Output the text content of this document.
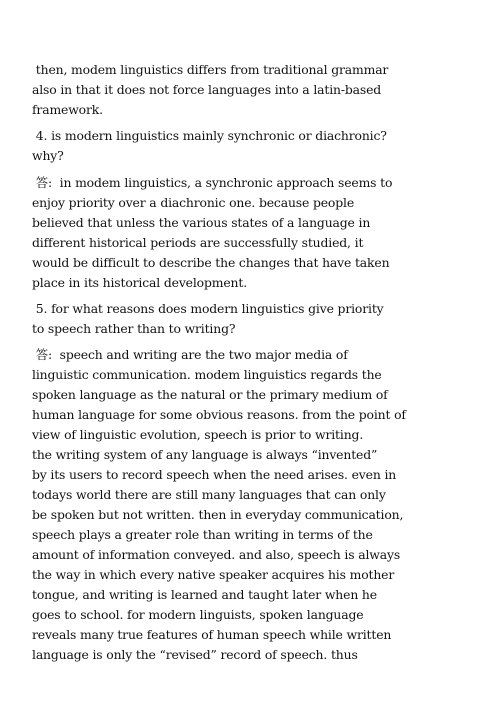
then, modem linguistics differs from traditional grammar
also in that it does not force languages into a latin-based
framework.
4. is modern linguistics mainly synchronic or diachronic?
why?
答:  in modem linguistics, a synchronic approach seems to
enjoy priority over a diachronic one. because people
believed that unless the various states of a language in
different historical periods are successfully studied, it
would be difficult to describe the changes that have taken
place in its historical development.
5. for what reasons does modern linguistics give priority
to speech rather than to writing?
答:  speech and writing are the two major media of
linguistic communication. modem linguistics regards the
spoken language as the natural or the primary medium of
human language for some obvious reasons. from the point of
view of linguistic evolution, speech is prior to writing.
the writing system of any language is always “invented”
by its users to record speech when the need arises. even in
todays world there are still many languages that can only
be spoken but not written. then in everyday communication,
speech plays a greater role than writing in terms of the
amount of information conveyed. and also, speech is always
the way in which every native speaker acquires his mother
tongue, and writing is learned and taught later when he
goes to school. for modern linguists, spoken language
reveals many true features of human speech while written
language is only the “revised” record of speech. thus
